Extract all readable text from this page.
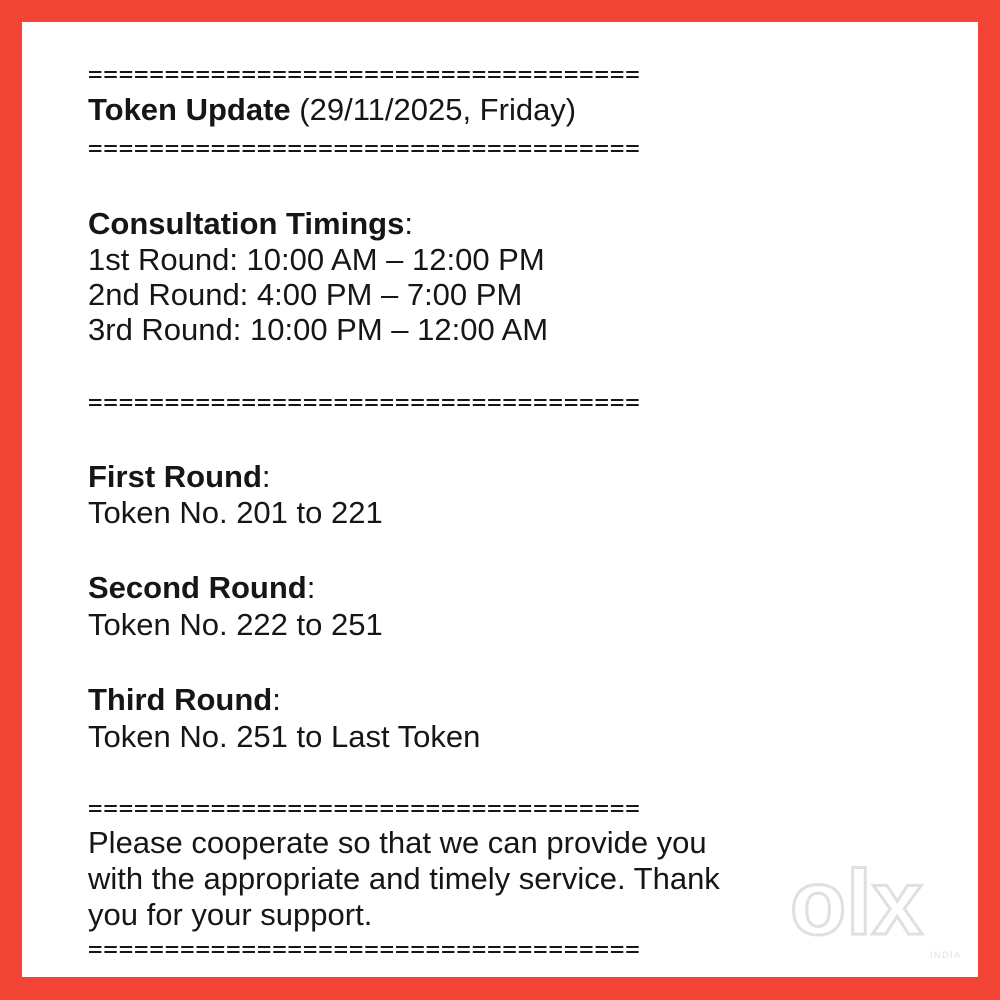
====================================
Token Update (29/11/2025, Friday)
====================================
Consultation Timings:
1st Round: 10:00 AM – 12:00 PM
2nd Round: 4:00 PM – 7:00 PM
3rd Round: 10:00 PM – 12:00 AM
====================================
First Round:
Token No. 201 to 221
Second Round:
Token No. 222 to 251
Third Round:
Token No. 251 to Last Token
====================================
Please cooperate so that we can provide you
with the appropriate and timely service. Thank
you for your support.
==================================== olx
INDIA
